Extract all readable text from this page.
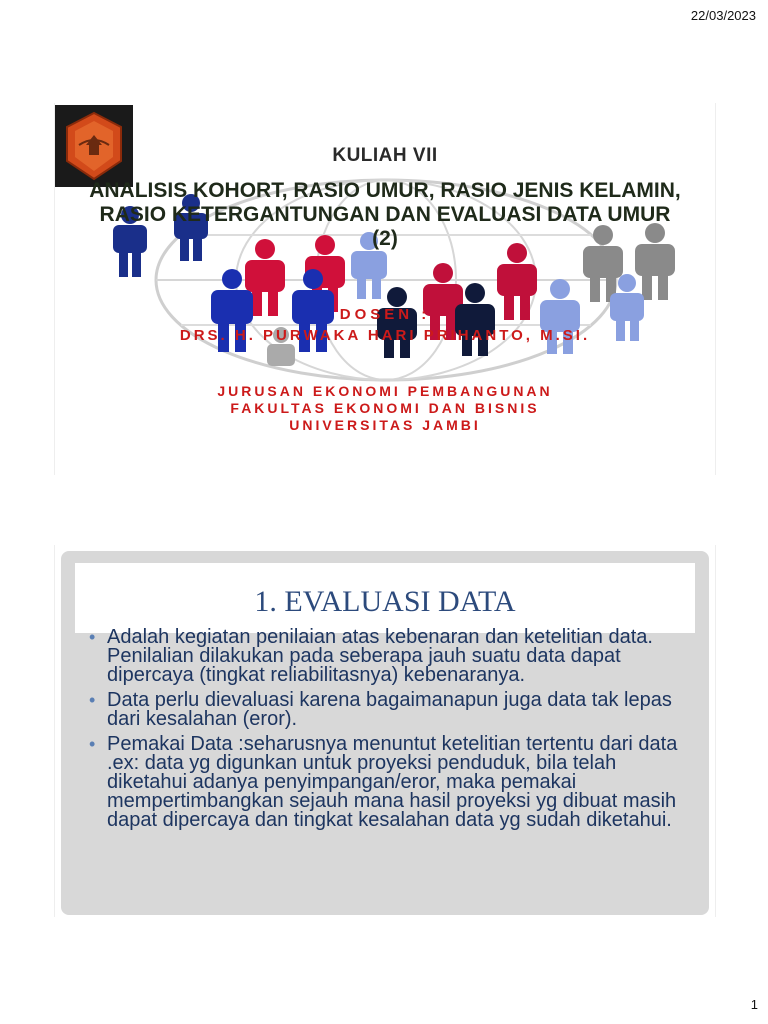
22/03/2023
KULIAH VII
ANALISIS KOHORT, RASIO UMUR, RASIO JENIS KELAMIN, RASIO KETERGANTUNGAN DAN EVALUASI DATA UMUR (2)
DOSEN :
DRS. H. PURWAKA HARI PRIHANTO, M.SI.
JURUSAN EKONOMI PEMBANGUNAN
FAKULTAS EKONOMI DAN BISNIS
UNIVERSITAS JAMBI
1. EVALUASI DATA
• Adalah kegiatan penilaian atas kebenaran dan ketelitian data. Penilalian dilakukan pada seberapa jauh suatu data dapat dipercaya (tingkat reliabilitasnya) kebenaranya.
• Data perlu dievaluasi karena bagaimanapun juga data tak lepas dari kesalahan (eror).
• Pemakai Data :seharusnya menuntut ketelitian tertentu dari data .ex: data yg digunkan untuk proyeksi penduduk, bila telah diketahui adanya penyimpangan/eror, maka pemakai mempertimbangkan sejauh mana hasil proyeksi yg dibuat masih dapat dipercaya dan tingkat kesalahan data yg sudah diketahui.
1
